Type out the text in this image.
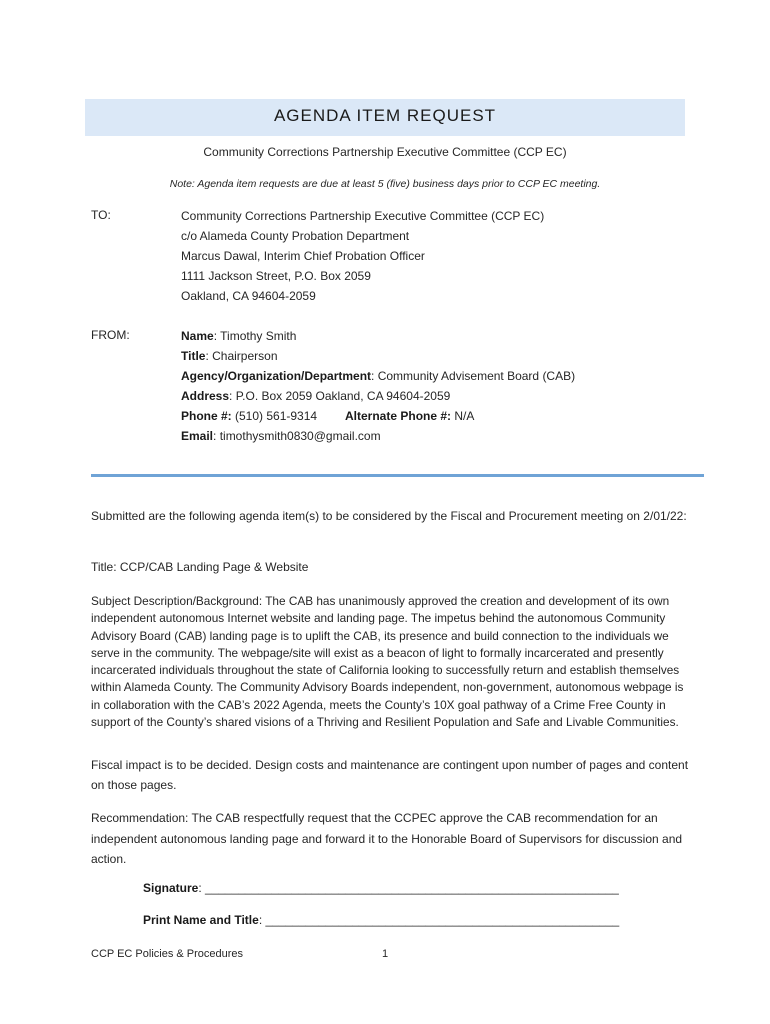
AGENDA ITEM REQUEST
Community Corrections Partnership Executive Committee (CCP EC)
Note: Agenda item requests are due at least 5 (five) business days prior to CCP EC meeting.
TO:	Community Corrections Partnership Executive Committee (CCP EC)
c/o Alameda County Probation Department
Marcus Dawal, Interim Chief Probation Officer
1111 Jackson Street, P.O. Box 2059
Oakland, CA 94604-2059
FROM:	Name: Timothy Smith
Title: Chairperson
Agency/Organization/Department: Community Advisement Board (CAB)
Address: P.O. Box 2059 Oakland, CA 94604-2059
Phone #: (510) 561-9314 Alternate Phone #: N/A
Email: timothysmith0830@gmail.com
Submitted are the following agenda item(s) to be considered by the Fiscal and Procurement meeting on 2/01/22:
Title: CCP/CAB Landing Page & Website
Subject Description/Background: The CAB has unanimously approved the creation and development of its own independent autonomous Internet website and landing page. The impetus behind the autonomous Community Advisory Board (CAB) landing page is to uplift the CAB, its presence and build connection to the individuals we serve in the community. The webpage/site will exist as a beacon of light to formally incarcerated and presently incarcerated individuals throughout the state of California looking to successfully return and establish themselves within Alameda County. The Community Advisory Boards independent, non-government, autonomous webpage is in collaboration with the CAB’s 2022 Agenda, meets the County’s 10X goal pathway of a Crime Free County in support of the County’s shared visions of a Thriving and Resilient Population and Safe and Livable Communities.
Fiscal impact is to be decided. Design costs and maintenance are contingent upon number of pages and content on those pages.
Recommendation: The CAB respectfully request that the CCPEC approve the CAB recommendation for an independent autonomous landing page and forward it to the Honorable Board of Supervisors for discussion and action.
Signature: ______________________________________________________________
Print Name and Title: _____________________________________________________
CCP EC Policies & Procedures	1
